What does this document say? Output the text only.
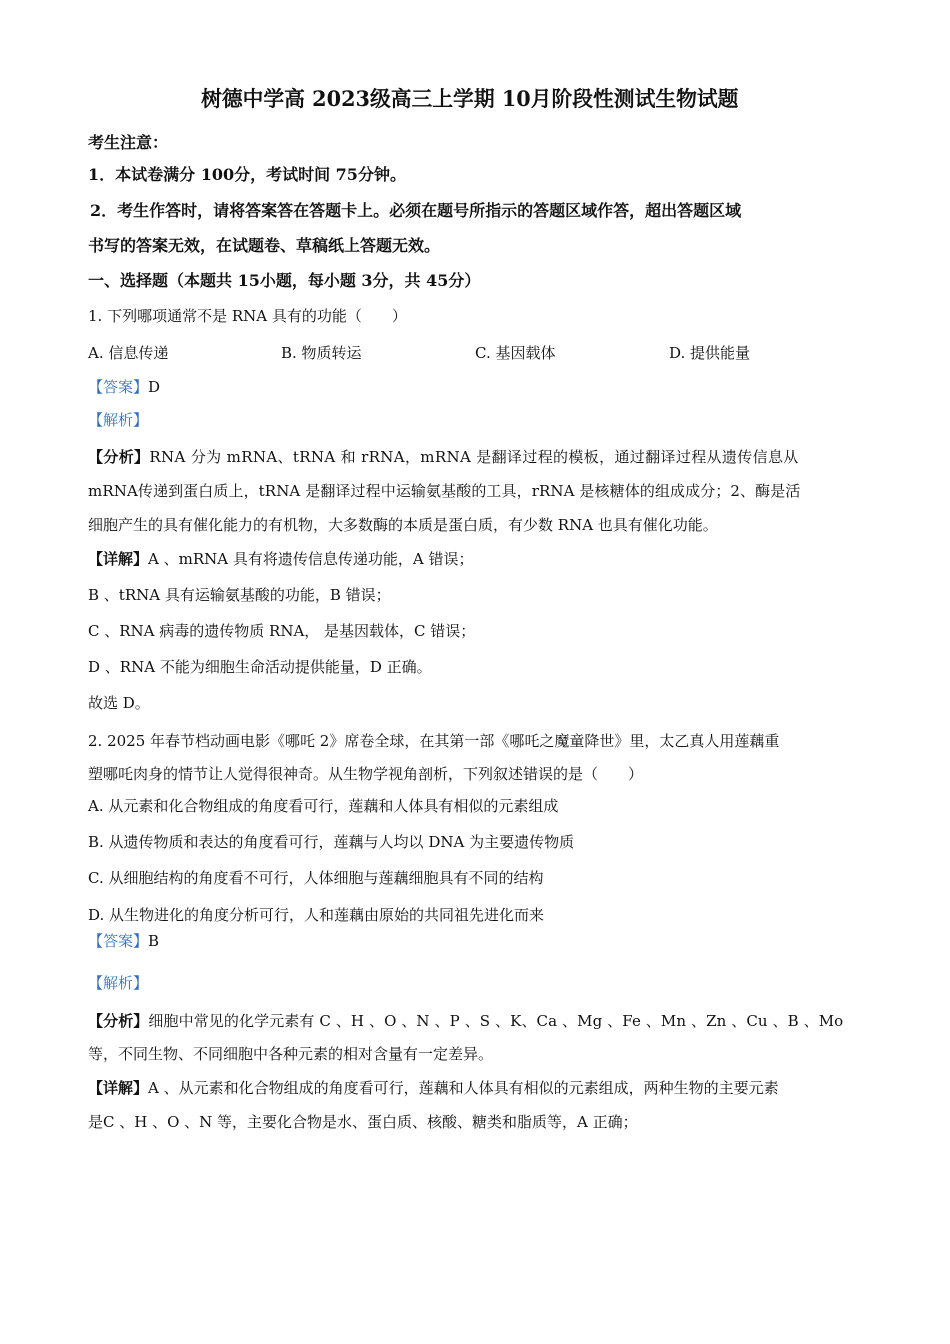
树德中学高 2023级高三上学期 10月阶段性测试生物试题
考生注意：
1．本试卷满分 100分，考试时间 75分钟。
2．考生作答时，请将答案答在答题卡上。必须在题号所指示的答题区域作答，超出答题区域
书写的答案无效，在试题卷、草稿纸上答题无效。
一、选择题（本题共 15小题，每小题 3分，共 45分）
1. 下列哪项通常不是 RNA 具有的功能（　　）
A. 信息传递	B. 物质转运	C. 基因载体	D. 提供能量
【答案】D
【解析】
【分析】RNA 分为 mRNA、tRNA 和 rRNA，mRNA 是翻译过程的模板，通过翻译过程从遗传信息从
mRNA传递到蛋白质上，tRNA 是翻译过程中运输氨基酸的工具，rRNA 是核糖体的组成成分；2、酶是活
细胞产生的具有催化能力的有机物，大多数酶的本质是蛋白质，有少数 RNA 也具有催化功能。
【详解】A 、mRNA 具有将遗传信息传递功能，A 错误；
B 、tRNA 具有运输氨基酸的功能，B 错误；
C 、RNA 病毒的遗传物质 RNA， 是基因载体，C 错误；
D 、RNA 不能为细胞生命活动提供能量，D 正确。
故选 D。
2. 2025 年春节档动画电影《哪吒 2》席卷全球，在其第一部《哪吒之魔童降世》里，太乙真人用莲藕重
塑哪吒肉身的情节让人觉得很神奇。从生物学视角剖析，下列叙述错误的是（　　）
A. 从元素和化合物组成的角度看可行，莲藕和人体具有相似的元素组成
B. 从遗传物质和表达的角度看可行，莲藕与人均以 DNA 为主要遗传物质
C. 从细胞结构的角度看不可行，人体细胞与莲藕细胞具有不同的结构
D. 从生物进化的角度分析可行，人和莲藕由原始的共同祖先进化而来
【答案】B
【解析】
【分析】细胞中常见的化学元素有 C 、H 、O 、N 、P 、S 、K、Ca 、Mg 、Fe 、Mn 、Zn 、Cu 、B 、Mo
等，不同生物、不同细胞中各种元素的相对含量有一定差异。
【详解】A 、从元素和化合物组成的角度看可行，莲藕和人体具有相似的元素组成，两种生物的主要元素
是C 、H 、O 、N 等，主要化合物是水、蛋白质、核酸、糖类和脂质等，A 正确；
